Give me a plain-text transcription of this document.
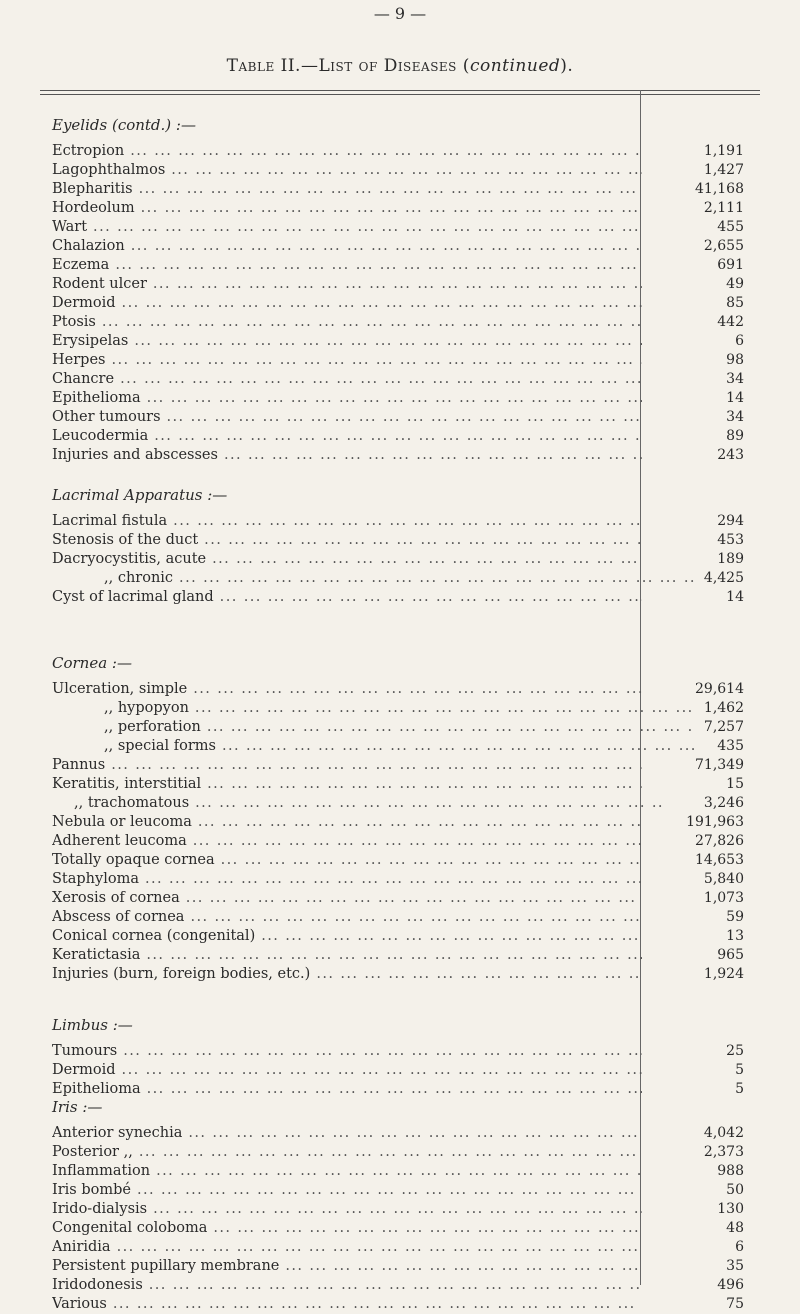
— 9 —
Table II.—List of Diseases (continued).
Eyelids (contd.) :—
Ectropion ... .	1,191
Lagophthalmos ... .	1,427
Blepharitis ... .	41,168
Hordeolum ... .	2,111
Wart ... .	455
Chalazion ... .	2,655
Eczema ... .	691
Rodent ulcer ... .	49
Dermoid ... .	85
Ptosis ... .	442
Erysipelas ... .	6
Herpes ... .	98
Chancre ... .	34
Epithelioma ... .	14
Other tumours ... .	34
Leucodermia ... .	89
Injuries and abscesses ... .	243
Lacrimal Apparatus :—
Lacrimal fistula ... .	294
Stenosis of the duct ... .	453
Dacryocystitis, acute ... .	189
,, chronic ... .	4,425
Cyst of lacrimal gland ... .	14
Cornea :—
Ulceration, simple ... .	29,614
,, hypopyon ... .	1,462
,, perforation ... .	7,257
,, special forms ... .	435
Pannus ... .	71,349
Keratitis, interstitial ... .	15
,, trachomatous ... .	3,246
Nebula or leucoma ... .	191,963
Adherent leucoma ... .	27,826
Totally opaque cornea ... .	14,653
Staphyloma ... .	5,840
Xerosis of cornea ... .	1,073
Abscess of cornea ... .	59
Conical cornea (congenital) ... .	13
Keratictasia ... .	965
Injuries (burn, foreign bodies, etc.) ... .	1,924
Limbus :—
Tumours ... .	25
Dermoid ... .	5
Epithelioma ... .	5
Iris :—
Anterior synechia ... .	4,042
Posterior ,, ... .	2,373
Inflammation ... .	988
Iris bombé ... .	50
Irido-dialysis ... .	130
Congenital coloboma ... .	48
Aniridia ... .	6
Persistent pupillary membrane ... .	35
Iridodonesis ... .	496
Various ... .	75
